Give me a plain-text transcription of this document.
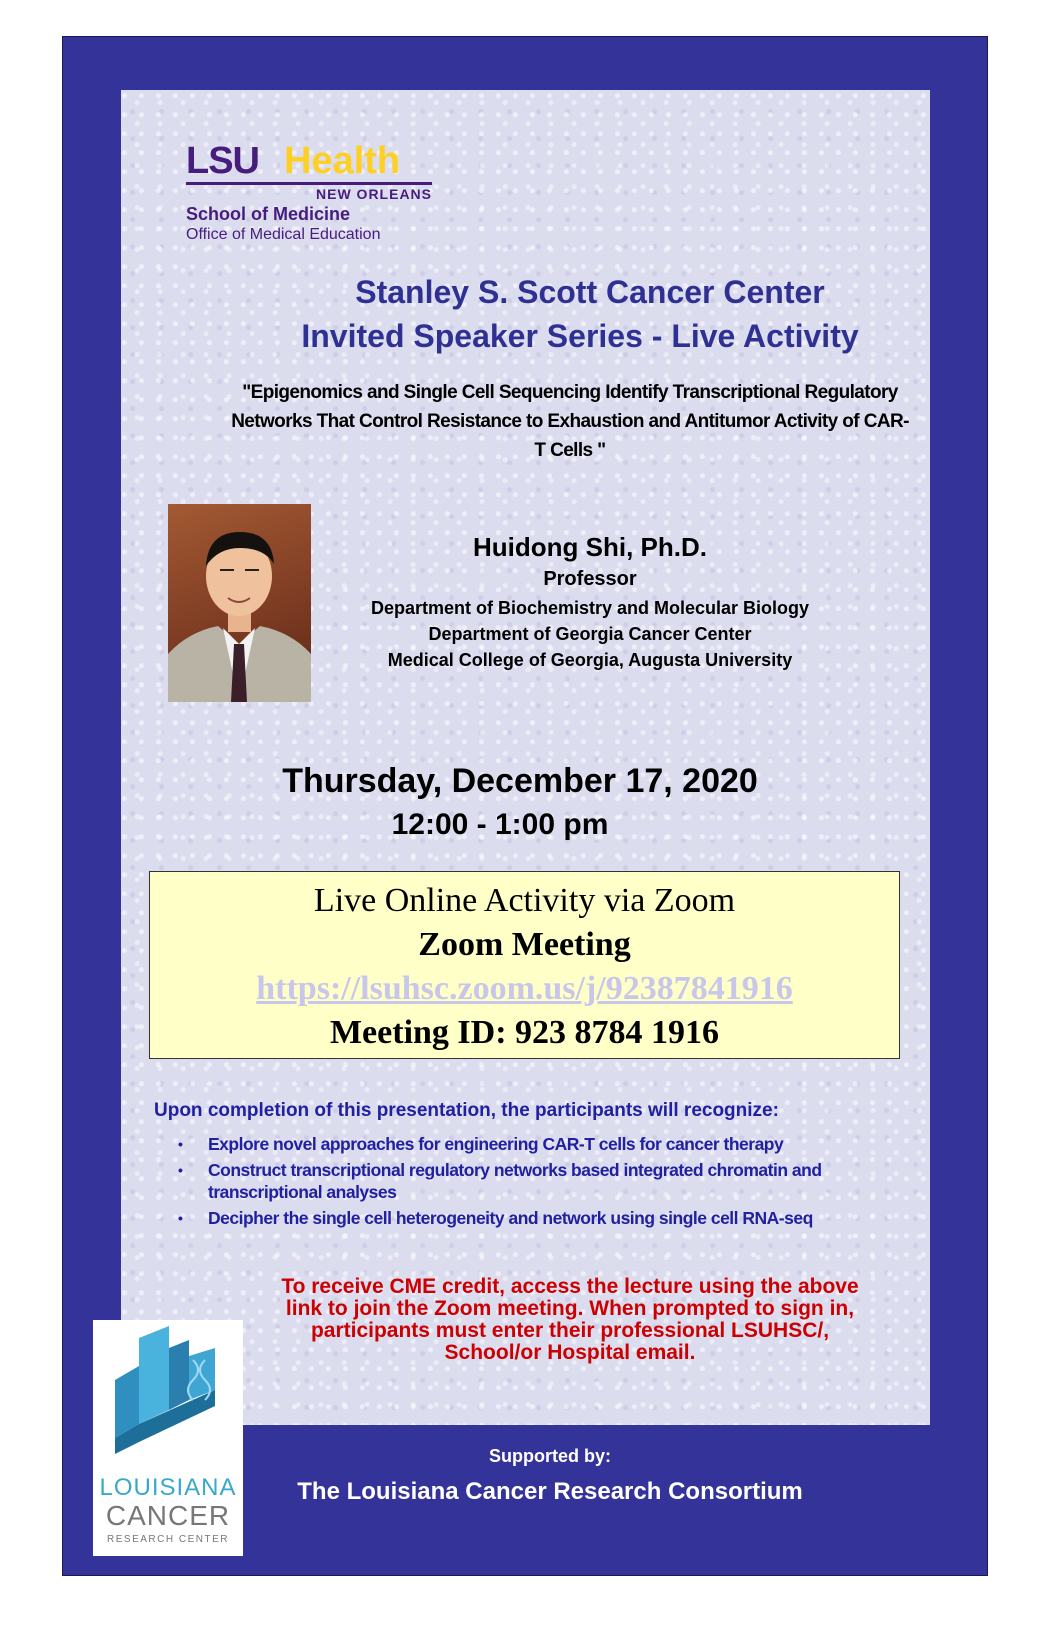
LSU Health
NEW ORLEANS
School of Medicine
Office of Medical Education
Stanley S. Scott Cancer Center
Invited Speaker Series - Live Activity
"Epigenomics and Single Cell Sequencing Identify Transcriptional Regulatory Networks That Control Resistance to Exhaustion and Antitumor Activity of CAR-T Cells "
Huidong Shi, Ph.D.
Professor
Department of Biochemistry and Molecular Biology
Department of Georgia Cancer Center
Medical College of Georgia, Augusta University
Thursday, December 17, 2020
12:00 - 1:00 pm
Live Online Activity via Zoom
Zoom Meeting
https://lsuhsc.zoom.us/j/92387841916
Meeting ID: 923 8784 1916
Upon completion of this presentation, the participants will recognize:
• Explore novel approaches for engineering CAR-T cells for cancer therapy
• Construct transcriptional regulatory networks based integrated chromatin and transcriptional analyses
• Decipher the single cell heterogeneity and network using single cell RNA-seq
To receive CME credit, access the lecture using the above link to join the Zoom meeting. When prompted to sign in, participants must enter their professional LSUHSC/, School/or Hospital email.
LOUISIANA
CANCER
RESEARCH CENTER
Supported by:
The Louisiana Cancer Research Consortium
